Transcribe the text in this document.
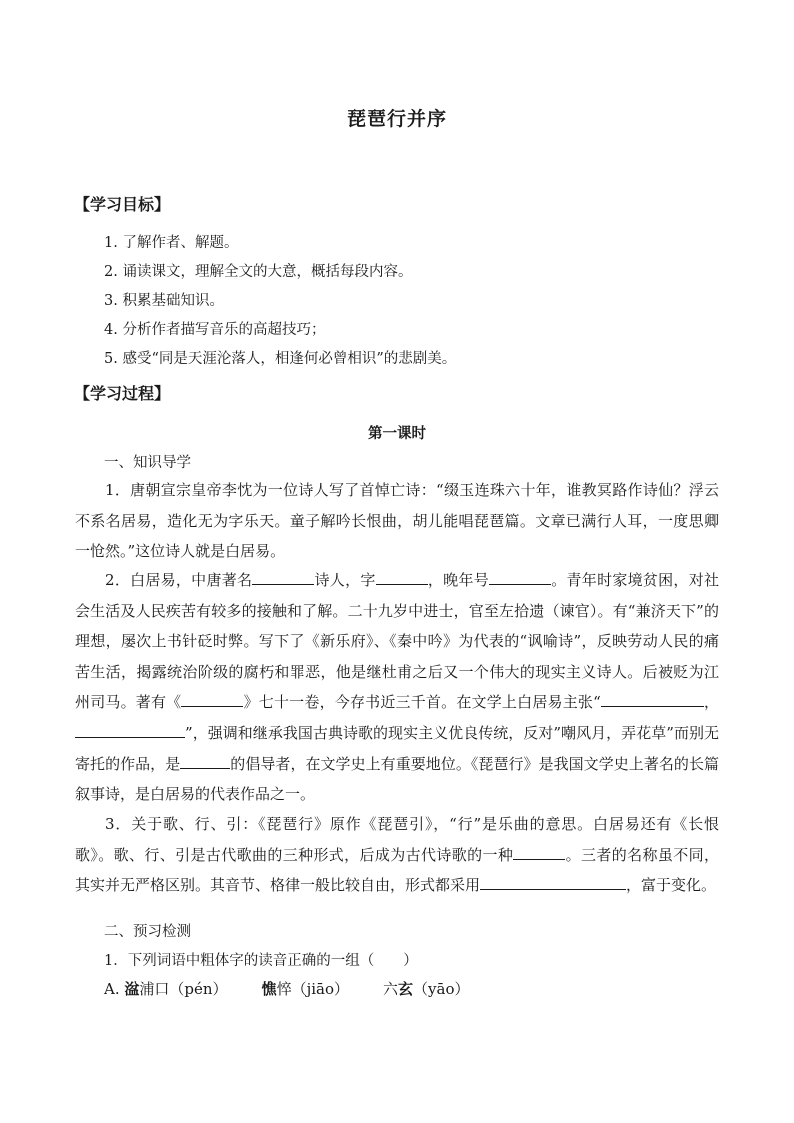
琵琶行并序
【学习目标】
1. 了解作者、解题。
2. 诵读课文，理解全文的大意，概括每段内容。
3. 积累基础知识。
4. 分析作者描写音乐的高超技巧；
5. 感受“同是天涯沦落人，相逢何必曾相识”的悲剧美。
【学习过程】
第一课时
一、知识导学
1．唐朝宣宗皇帝李忱为一位诗人写了首悼亡诗：“缀玉连珠六十年，谁教冥路作诗仙？浮云不系名居易，造化无为字乐天。童子解吟长恨曲，胡儿能唱琵琶篇。文章已满行人耳，一度思卿一怆然。”这位诗人就是白居易。
2．白居易，中唐著名	诗人，字	，晚年号	。青年时家境贫困，对社会生活及人民疾苦有较多的接触和了解。二十九岁中进士，官至左拾遗（谏官）。有“兼济天下”的理想，屡次上书针砭时弊。写下了《新乐府》、《秦中吟》为代表的“讽喻诗”，反映劳动人民的痛苦生活，揭露统治阶级的腐朽和罪恶，他是继杜甫之后又一个伟大的现实主义诗人。后被贬为江州司马。著有《	》七十一卷，今存书近三千首。在文学上白居易主张“	，”，强调和继承我国古典诗歌的现实主义优良传统，反对”嘲风月，弄花草”而别无寄托的作品，是	的倡导者，在文学史上有重要地位。《琵琶行》是我国文学史上著名的长篇叙事诗，是白居易的代表作品之一。
3．关于歌、行、引：《琵琶行》原作《琵琶引》，“行”是乐曲的意思。白居易还有《长恨歌》。歌、行、引是古代歌曲的三种形式，后成为古代诗歌的一种	。三者的名称虽不同，其实并无严格区别。其音节、格律一般比较自由，形式都采用	，富于变化。
二、预习检测
1．下列词语中粗体字的读音正确的一组（　　）
A. 湓浦口（pén） 憔悴（jiāo） 六玄（yāo）
